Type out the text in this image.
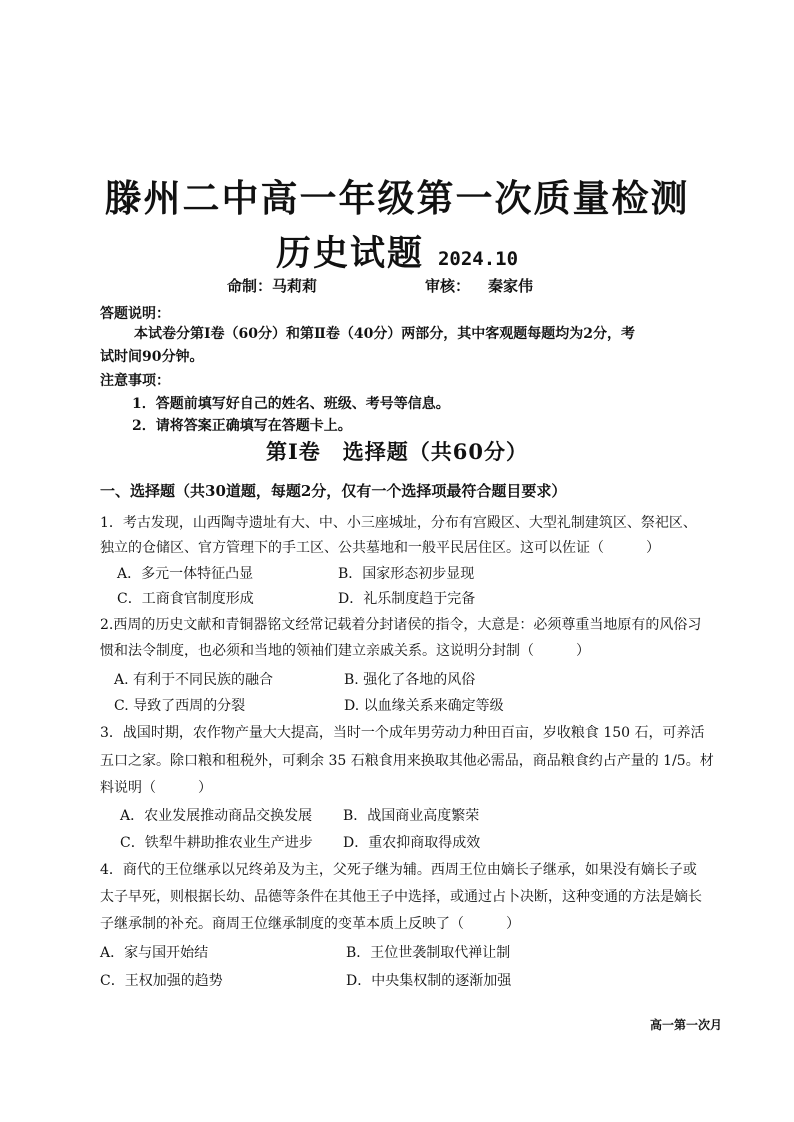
滕州二中高一年级第一次质量检测
历史试题 2024.10
命制：马莉莉	审核： 秦家伟
答题说明：
本试卷分第Ⅰ卷（60分）和第Ⅱ卷（40分）两部分，其中客观题每题均为2分，考
试时间90分钟。
注意事项：
1．答题前填写好自己的姓名、班级、考号等信息。
2．请将答案正确填写在答题卡上。
第Ⅰ卷　选择题（共60分）
一、选择题（共30道题，每题2分，仅有一个选择项最符合题目要求）
1．考古发现，山西陶寺遗址有大、中、小三座城址，分布有宫殿区、大型礼制建筑区、祭祀区、
独立的仓储区、官方管理下的手工区、公共墓地和一般平民居住区。这可以佐证（　　　）
A．多元一体特征凸显	B．国家形态初步显现
C．工商食官制度形成	D．礼乐制度趋于完备
2.西周的历史文献和青铜器铭文经常记载着分封诸侯的指令，大意是：必须尊重当地原有的风俗习
惯和法令制度，也必须和当地的领袖们建立亲戚关系。这说明分封制（　　　）
A. 有利于不同民族的融合	B. 强化了各地的风俗
C. 导致了西周的分裂	D. 以血缘关系来确定等级
3．战国时期，农作物产量大大提高，当时一个成年男劳动力种田百亩，岁收粮食 150 石，可养活
五口之家。除口粮和租税外，可剩余 35 石粮食用来换取其他必需品，商品粮食约占产量的 1/5。材
料说明（　　　）
A．农业发展推动商品交换发展 B．战国商业高度繁荣
C．铁犁牛耕助推农业生产进步 D．重农抑商取得成效
4．商代的王位继承以兄终弟及为主，父死子继为辅。西周王位由嫡长子继承，如果没有嫡长子或
太子早死，则根据长幼、品德等条件在其他王子中选择，或通过占卜决断，这种变通的方法是嫡长
子继承制的补充。商周王位继承制度的变革本质上反映了（　　　）
A．家与国开始结	B．王位世袭制取代禅让制
C．王权加强的趋势	D．中央集权制的逐渐加强
高一第一次月
